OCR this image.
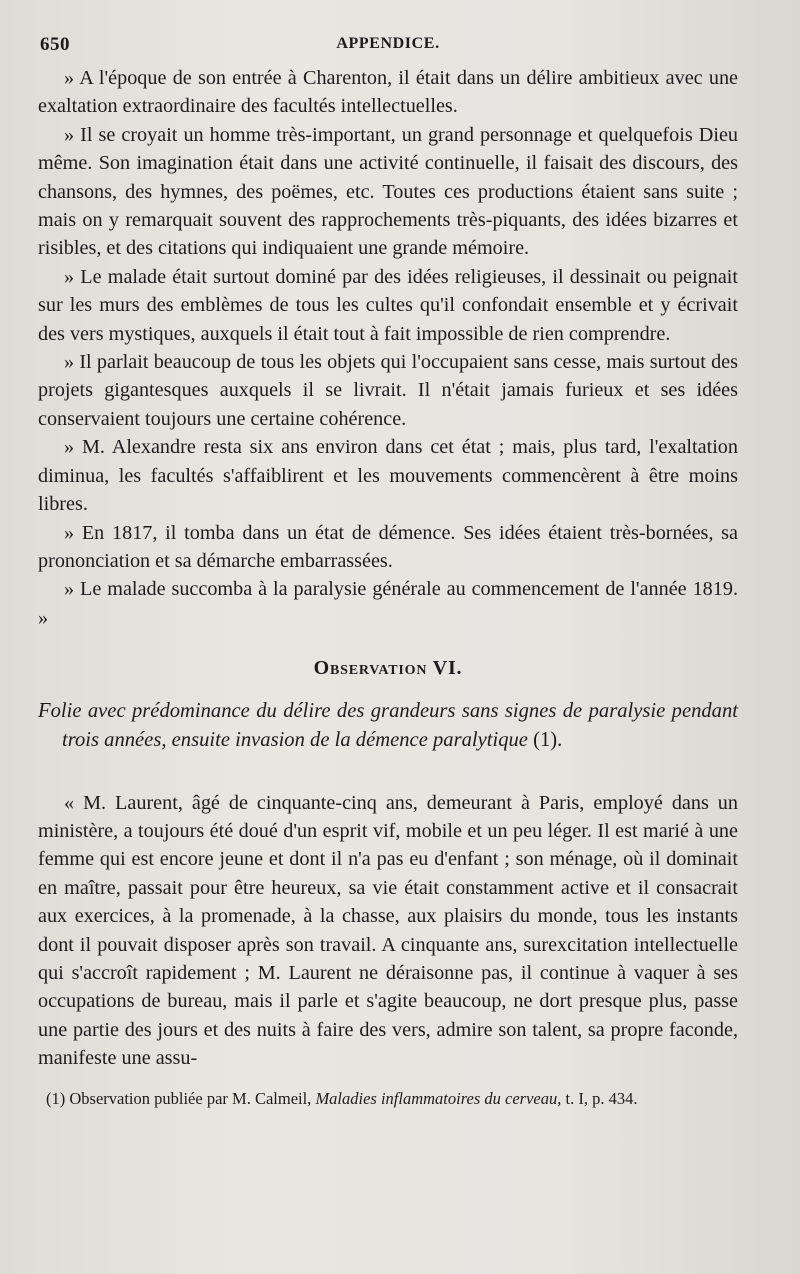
650	APPENDICE.

» A l'époque de son entrée à Charenton, il était dans un délire ambitieux avec une exaltation extraordinaire des facultés intellectuelles.

» Il se croyait un homme très-important, un grand personnage et quelquefois Dieu même. Son imagination était dans une activité continuelle, il faisait des discours, des chansons, des hymnes, des poëmes, etc. Toutes ces productions étaient sans suite ; mais on y remarquait souvent des rapprochements très-piquants, des idées bizarres et risibles, et des citations qui indiquaient une grande mémoire.

» Le malade était surtout dominé par des idées religieuses, il dessinait ou peignait sur les murs des emblèmes de tous les cultes qu'il confondait ensemble et y écrivait des vers mystiques, auxquels il était tout à fait impossible de rien comprendre.

» Il parlait beaucoup de tous les objets qui l'occupaient sans cesse, mais surtout des projets gigantesques auxquels il se livrait. Il n'était jamais furieux et ses idées conservaient toujours une certaine cohérence.

» M. Alexandre resta six ans environ dans cet état ; mais, plus tard, l'exaltation diminua, les facultés s'affaiblirent et les mouvements commencèrent à être moins libres.

» En 1817, il tomba dans un état de démence. Ses idées étaient très-bornées, sa prononciation et sa démarche embarrassées.

» Le malade succomba à la paralysie générale au commencement de l'année 1819. »

Observation VI.

Folie avec prédominance du délire des grandeurs sans signes de paralysie pendant trois années, ensuite invasion de la démence paralytique (1).

« M. Laurent, âgé de cinquante-cinq ans, demeurant à Paris, employé dans un ministère, a toujours été doué d'un esprit vif, mobile et un peu léger. Il est marié à une femme qui est encore jeune et dont il n'a pas eu d'enfant ; son ménage, où il dominait en maître, passait pour être heureux, sa vie était constamment active et il consacrait aux exercices, à la promenade, à la chasse, aux plaisirs du monde, tous les instants dont il pouvait disposer après son travail. A cinquante ans, surexcitation intellectuelle qui s'accroît rapidement ; M. Laurent ne déraisonne pas, il continue à vaquer à ses occupations de bureau, mais il parle et s'agite beaucoup, ne dort presque plus, passe une partie des jours et des nuits à faire des vers, admire son talent, sa propre faconde, manifeste une assu-

(1) Observation publiée par M. Calmeil, Maladies inflammatoires du cerveau, t. I, p. 434.
